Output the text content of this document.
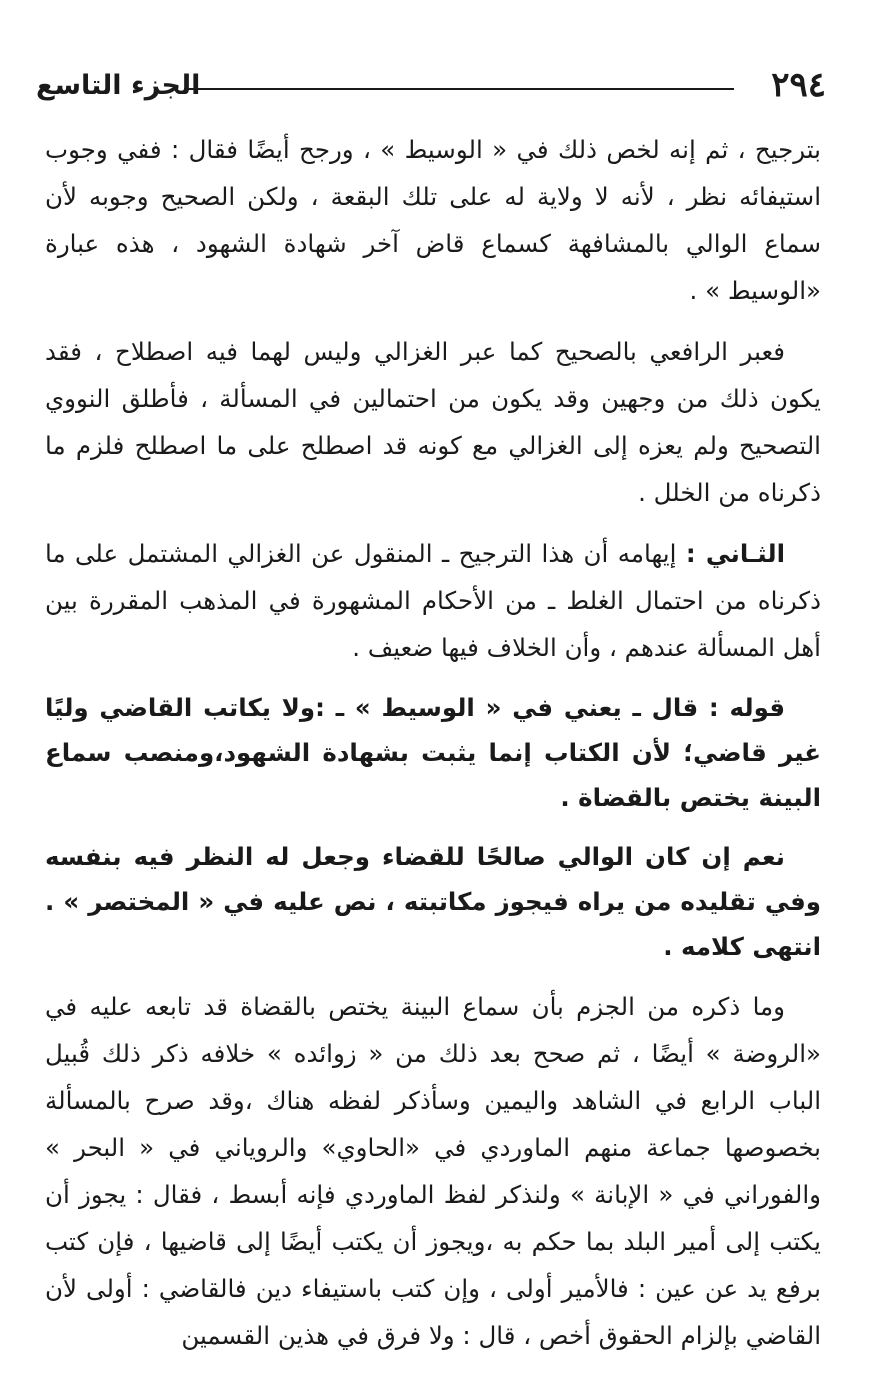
٢٩٤
الجزء التاسع

بترجيح ، ثم إنه لخص ذلك في « الوسيط » ، ورجح أيضًا فقال : ففي وجوب استيفائه نظر ، لأنه لا ولاية له على تلك البقعة ، ولكن الصحيح وجوبه لأن سماع الوالي بالمشافهة كسماع قاض آخر شهادة الشهود ، هذه عبارة «الوسيط » .

فعبر الرافعي بالصحيح كما عبر الغزالي وليس لهما فيه اصطلاح ، فقد يكون ذلك من وجهين وقد يكون من احتمالين في المسألة ، فأطلق النووي التصحيح ولم يعزه إلى الغزالي مع كونه قد اصطلح على ما اصطلح فلزم ما ذكرناه من الخلل .

الثـاني : إيهامه أن هذا الترجيح ـ المنقول عن الغزالي المشتمل على ما ذكرناه من احتمال الغلط ـ من الأحكام المشهورة في المذهب المقررة بين أهل المسألة عندهم ، وأن الخلاف فيها ضعيف .

قوله : قال ـ يعني في « الوسيط » ـ :ولا يكاتب القاضي وليًا غير قاضي؛ لأن الكتاب إنما يثبت بشهادة الشهود،ومنصب سماع البينة يختص بالقضاة .

نعم إن كان الوالي صالحًا للقضاء وجعل له النظر فيه بنفسه وفي تقليده من يراه فيجوز مكاتبته ، نص عليه في « المختصر » . انتهى كلامه .

وما ذكره من الجزم بأن سماع البينة يختص بالقضاة قد تابعه عليه في «الروضة » أيضًا ، ثم صحح بعد ذلك من « زوائده » خلافه ذكر ذلك قُبيل الباب الرابع في الشاهد واليمين وسأذكر لفظه هناك ،وقد صرح بالمسألة بخصوصها جماعة منهم الماوردي في «الحاوي» والروياني في « البحر » والفوراني في « الإبانة » ولنذكر لفظ الماوردي فإنه أبسط ، فقال : يجوز أن يكتب إلى أمير البلد بما حكم به ،ويجوز أن يكتب أيضًا إلى قاضيها ، فإن كتب برفع يد عن عين : فالأمير أولى ، وإن كتب باستيفاء دين فالقاضي : أولى لأن القاضي بإلزام الحقوق أخص ، قال : ولا فرق في هذين القسمين
